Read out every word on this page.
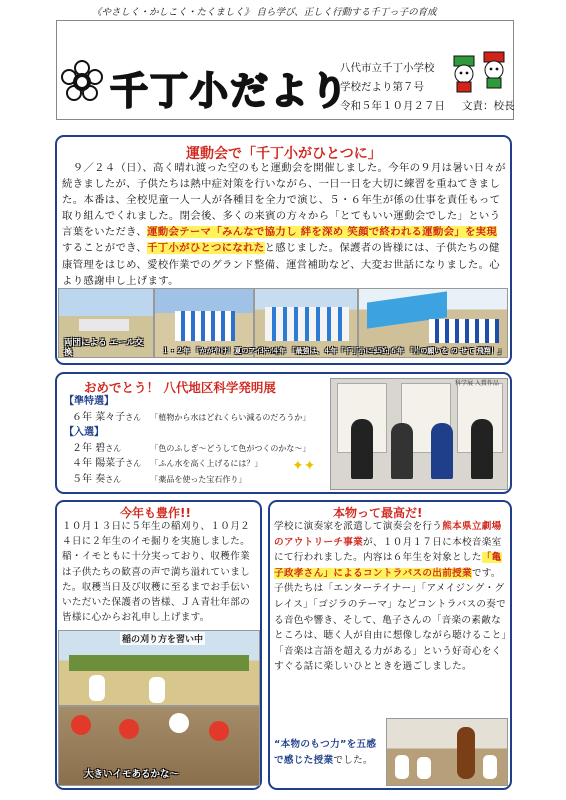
《やさしく・かしこく・たくましく》 自ら学び、正しく行動する千丁っ子の育成
千丁小だより
八代市立千丁小学校
学校だより第７号
令和５年１０月２７日 文責：校長
運動会で「千丁小がひとつに」
　９／２４（日）、高く晴れ渡った空のもと運動会を開催しました。今年の９月は暑い日々が続きましたが、子供たちは熱中症対策を行いながら、一日一日を大切に練習を重ねてきました。本番は、全校児童一人一人が各種目を全力で演じ、５・６年生が係の仕事を責任もって取り組んでくれました。閉会後、多くの来賓の方々から「とてもいい運動会でした」という言葉をいただき、運動会テーマ「みんなで協力し 絆を深め 笑顔で終われる運動会」を実現することができ、千丁小がひとつになれたと感じました。保護者の皆様には、子供たちの健康管理をはじめ、愛校作業でのグランド整備、運営補助など、大変お世話になりました。心より感謝申し上げます。
両団による エール交換	１・２年 「かがやけ！夏のアイドル」
３・４年 「最強は、４年「千丁小にまぎ」
５・６年 「片の願いを の せて 飛翔！」
おめでとう！ 八代地区科学発明展
【準特選】
６年 菜々子さん 「植物から水はどれくらい減るのだろうか」
【入選】
２年 碧さん	「色のふしぎ～どうして色がつくのかな～」
４年 陽菜子さん 「ふん水を高く上げるには？」
５年 奏さん	「薬品を使った宝石作り」
✦✦
科学展 入賞作品
今年も豊作!!
１０月１３日に５年生の稲刈り、１０月２４日に２年生のイモ掘りを実施しました。稲・イモともに十分実っており、収穫作業は子供たちの歓喜の声で満ち溢れていました。収穫当日及び収穫に至るまでお手伝いいただいた保護者の皆様、ＪＡ青壮年部の皆様に心からお礼申し上げます。
稲の刈り方を習い中
大きいイモあるかな～
本物って最高だ!
学校に演奏家を派遣して演奏会を行う熊本県立劇場のアウトリーチ事業が、１０月１７日に本校音楽室にて行われました。内容は６年生を対象とした「亀子政孝さん」によるコントラバスの出前授業です。子供たちは「エンターテイナー」「アメイジング・グレイス」「ゴジラのテーマ」などコントラバスの奏でる音色や響き、そして、亀子さんの「音楽の素敵なところは、聴く人が自由に想像しながら聴けること」「音楽は言語を超える力がある」という好奇心をくすぐる話に楽しいひとときを過ごしました。
“本物のもつ力”を五感で感じた授業でした。
